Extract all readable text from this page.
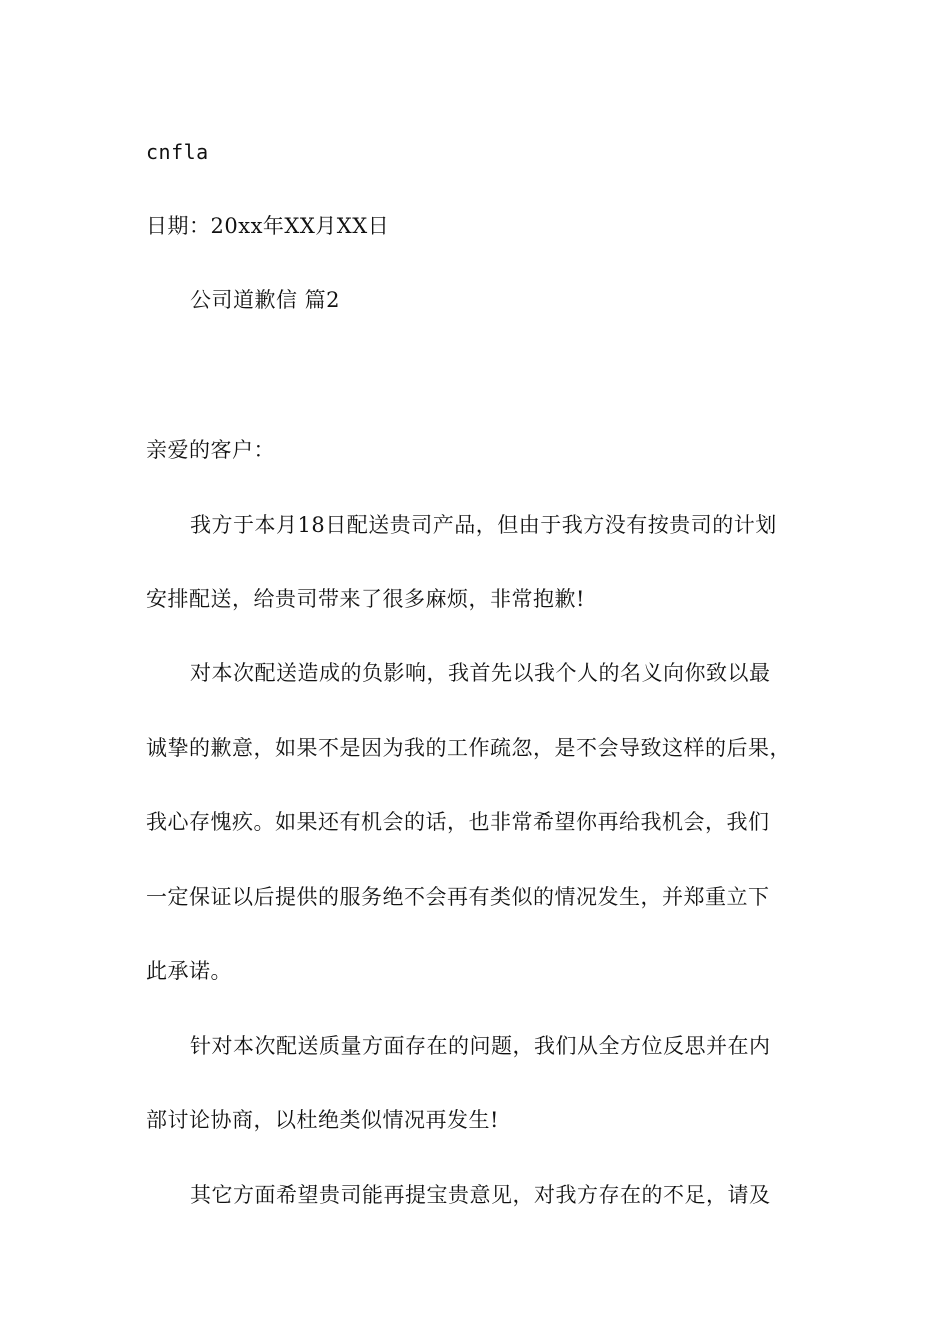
cnfla
日期：20xx年XX月XX日
公司道歉信 篇2
亲爱的客户：
我方于本月18日配送贵司产品，但由于我方没有按贵司的计划
安排配送，给贵司带来了很多麻烦，非常抱歉!
对本次配送造成的负影响，我首先以我个人的名义向你致以最
诚挚的歉意，如果不是因为我的工作疏忽，是不会导致这样的后果，
我心存愧疚。如果还有机会的话，也非常希望你再给我机会，我们
一定保证以后提供的服务绝不会再有类似的情况发生，并郑重立下
此承诺。
针对本次配送质量方面存在的问题，我们从全方位反思并在内
部讨论协商，以杜绝类似情况再发生!
其它方面希望贵司能再提宝贵意见，对我方存在的不足，请及
